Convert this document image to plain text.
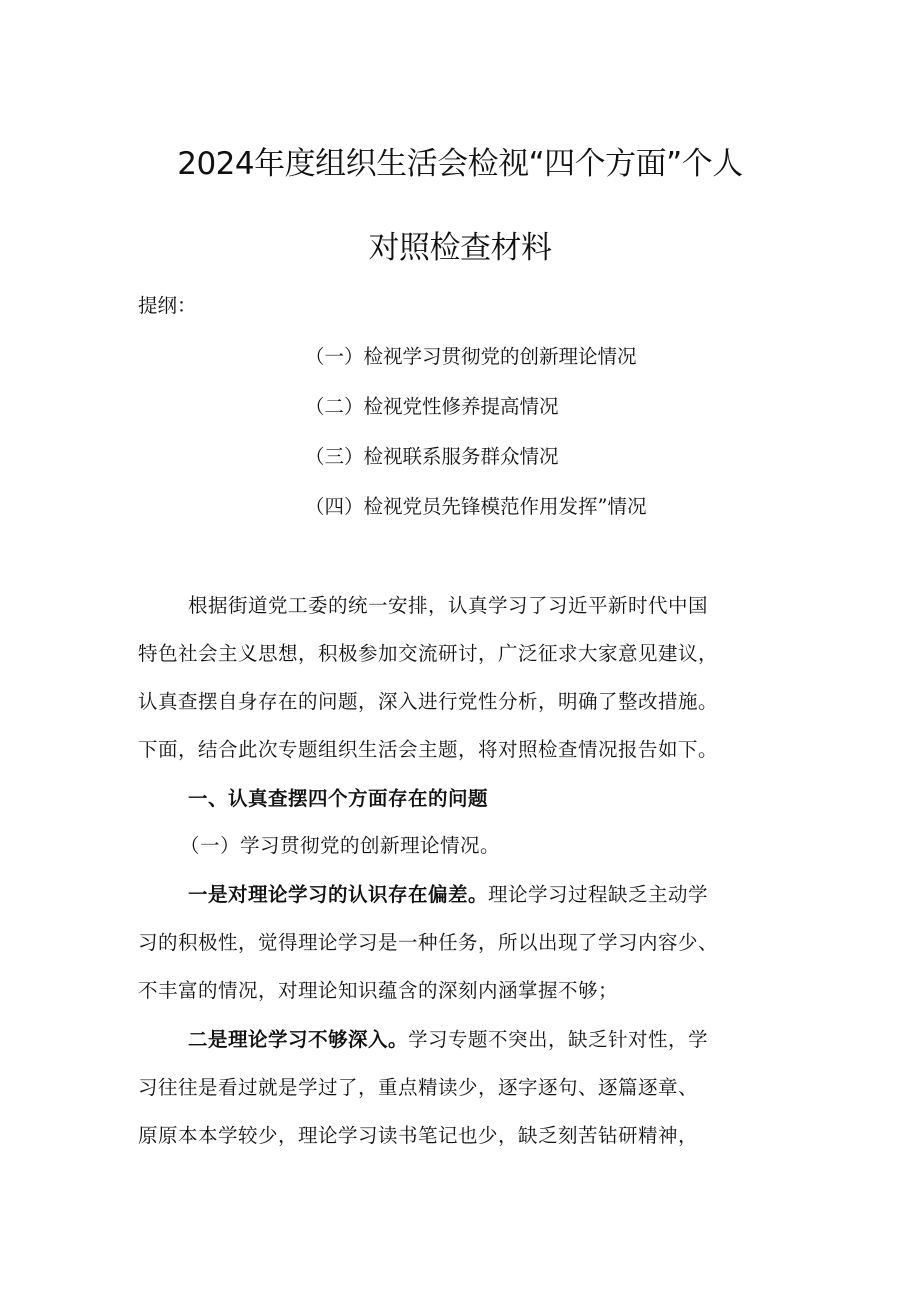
2024年度组织生活会检视“四个方面”个人
对照检查材料
提纲：
（一）检视学习贯彻党的创新理论情况
（二）检视党性修养提高情况
（三）检视联系服务群众情况
（四）检视党员先锋模范作用发挥”情况
根据街道党工委的统一安排，认真学习了习近平新时代中国
特色社会主义思想，积极参加交流研讨，广泛征求大家意见建议，
认真查摆自身存在的问题，深入进行党性分析，明确了整改措施。
下面，结合此次专题组织生活会主题，将对照检查情况报告如下。
一、认真查摆四个方面存在的问题
（一）学习贯彻党的创新理论情况。
一是对理论学习的认识存在偏差。理论学习过程缺乏主动学
习的积极性，觉得理论学习是一种任务，所以出现了学习内容少、
不丰富的情况，对理论知识蕴含的深刻内涵掌握不够；
二是理论学习不够深入。学习专题不突出，缺乏针对性，学
习往往是看过就是学过了，重点精读少，逐字逐句、逐篇逐章、
原原本本学较少，理论学习读书笔记也少，缺乏刻苦钻研精神，
